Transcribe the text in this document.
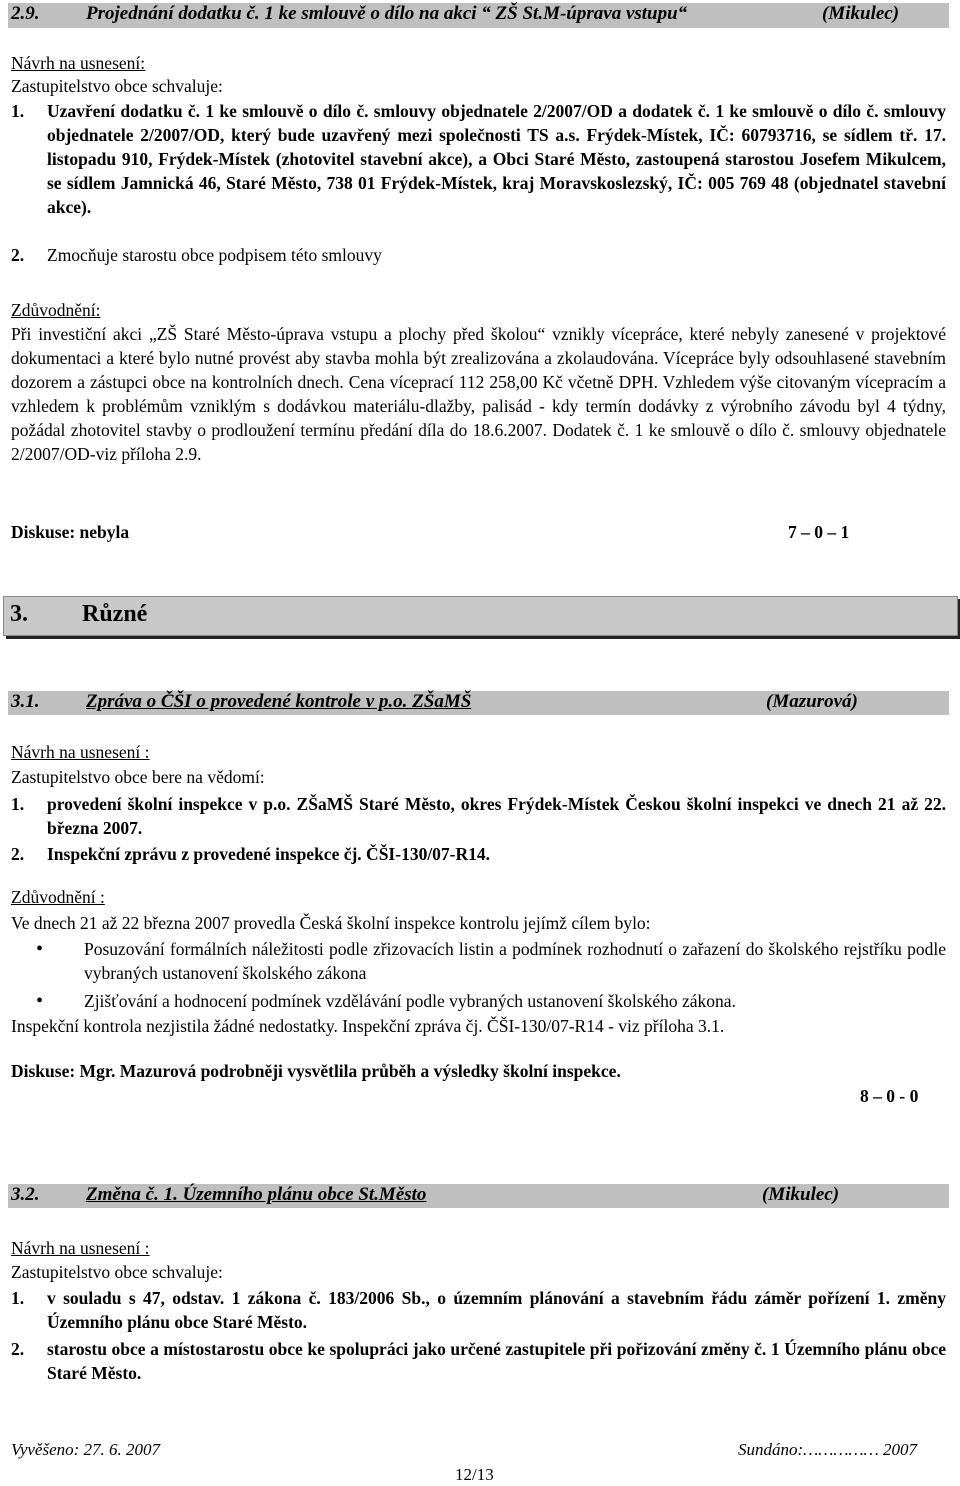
2.9. Projednání dodatku č. 1 ke smlouvě o dílo na akci “ ZŠ St.M-úprava vstupu“	(Mikulec)
Návrh na usnesení:
Zastupitelstvo obce schvaluje:
1. Uzavření dodatku č. 1 ke smlouvě o dílo č. smlouvy objednatele 2/2007/OD a dodatek č. 1 ke smlouvě o dílo č. smlouvy objednatele 2/2007/OD, který bude uzavřený mezi společnosti TS a.s. Frýdek-Místek, IČ: 60793716, se sídlem tř. 17. listopadu 910, Frýdek-Místek (zhotovitel stavební akce), a Obci Staré Město, zastoupená starostou Josefem Mikulcem, se sídlem Jamnická 46, Staré Město, 738 01 Frýdek-Místek, kraj Moravskoslezský, IČ: 005 769 48 (objednatel stavební akce).
2. Zmocňuje starostu obce podpisem této smlouvy
Zdůvodnění:
Při investiční akci „ZŠ Staré Město-úprava vstupu a plochy před školou“ vznikly vícepráce, které nebyly zanesené v projektové dokumentaci a které bylo nutné provést aby stavba mohla být zrealizována a zkolaudována. Vícepráce byly odsouhlasené stavebním dozorem a zástupci obce na kontrolních dnech. Cena víceprací 112 258,00 Kč včetně DPH. Vzhledem výše citovaným vícepracím a vzhledem k problémům vzniklým s dodávkou materiálu-dlažby, palisád - kdy termín dodávky z výrobního závodu byl 4 týdny, požádal zhotovitel stavby o prodloužení termínu předání díla do 18.6.2007. Dodatek č. 1 ke smlouvě o dílo č. smlouvy objednatele 2/2007/OD-viz příloha 2.9.
Diskuse: nebyla	7 – 0 – 1
3. Různé
3.1. Zpráva o ČŠI o provedené kontrole v p.o. ZŠaMŠ	(Mazurová)
Návrh na usnesení :
Zastupitelstvo obce bere na vědomí:
1. provedení školní inspekce v p.o. ZŠaMŠ Staré Město, okres Frýdek-Místek Českou školní inspekci ve dnech 21 až 22. března 2007.
2. Inspekční zprávu z provedené inspekce čj. ČŠI-130/07-R14.
Zdůvodnění :
Ve dnech 21 až 22 března 2007 provedla Česká školní inspekce kontrolu jejímž cílem bylo:
• Posuzování formálních náležitosti podle zřizovacích listin a podmínek rozhodnutí o zařazení do školského rejstříku podle vybraných ustanovení školského zákona
• Zjišťování a hodnocení podmínek vzdělávání podle vybraných ustanovení školského zákona.
Inspekční kontrola nezjistila žádné nedostatky. Inspekční zpráva čj. ČŠI-130/07-R14 - viz příloha 3.1.
Diskuse: Mgr. Mazurová podrobněji vysvětlila průběh a výsledky školní inspekce.
8 – 0 - 0
3.2. Změna č. 1. Územního plánu obce St.Město	(Mikulec)
Návrh na usnesení :
Zastupitelstvo obce schvaluje:
1. v souladu s 47, odstav. 1 zákona č. 183/2006 Sb., o územním plánování a stavebním řádu záměr pořízení 1. změny Územního plánu obce Staré Město.
2. starostu obce a místostarostu obce ke spolupráci jako určené zastupitele při pořizování změny č. 1 Územního plánu obce Staré Město.
Vyvěšeno: 27. 6. 2007
12/13
Sundáno:…………… 2007
